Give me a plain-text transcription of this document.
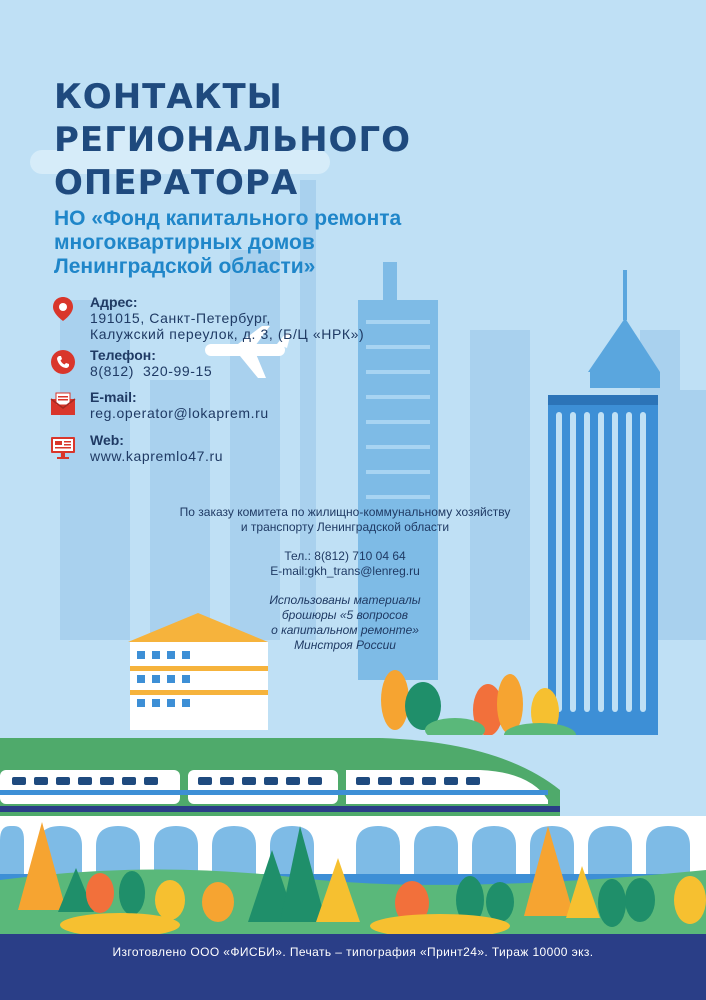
КОНТАКТЫ
РЕГИОНАЛЬНОГО
ОПЕРАТОРА
НО «Фонд капитального ремонта
многоквартирных домов
Ленинградской области»
Адрес:
191015, Санкт-Петербург,
Калужский переулок, д. 3, (Б/Ц «НРК»)
Телефон:
8(812)  320-99-15
E-mail:
reg.operator@lokaprem.ru
Web:
www.kapremlo47.ru
По заказу комитета по жилищно-коммунальному хозяйству
и транспорту Ленинградской области
Тел.: 8(812) 710 04 64
E-mail:gkh_trans@lenreg.ru
Использованы материалы
брошюры «5 вопросов
о капитальном ремонте»
Минстроя России
Изготовлено ООО «ФИСБИ». Печать – типография «Принт24». Тираж 10000 экз.
